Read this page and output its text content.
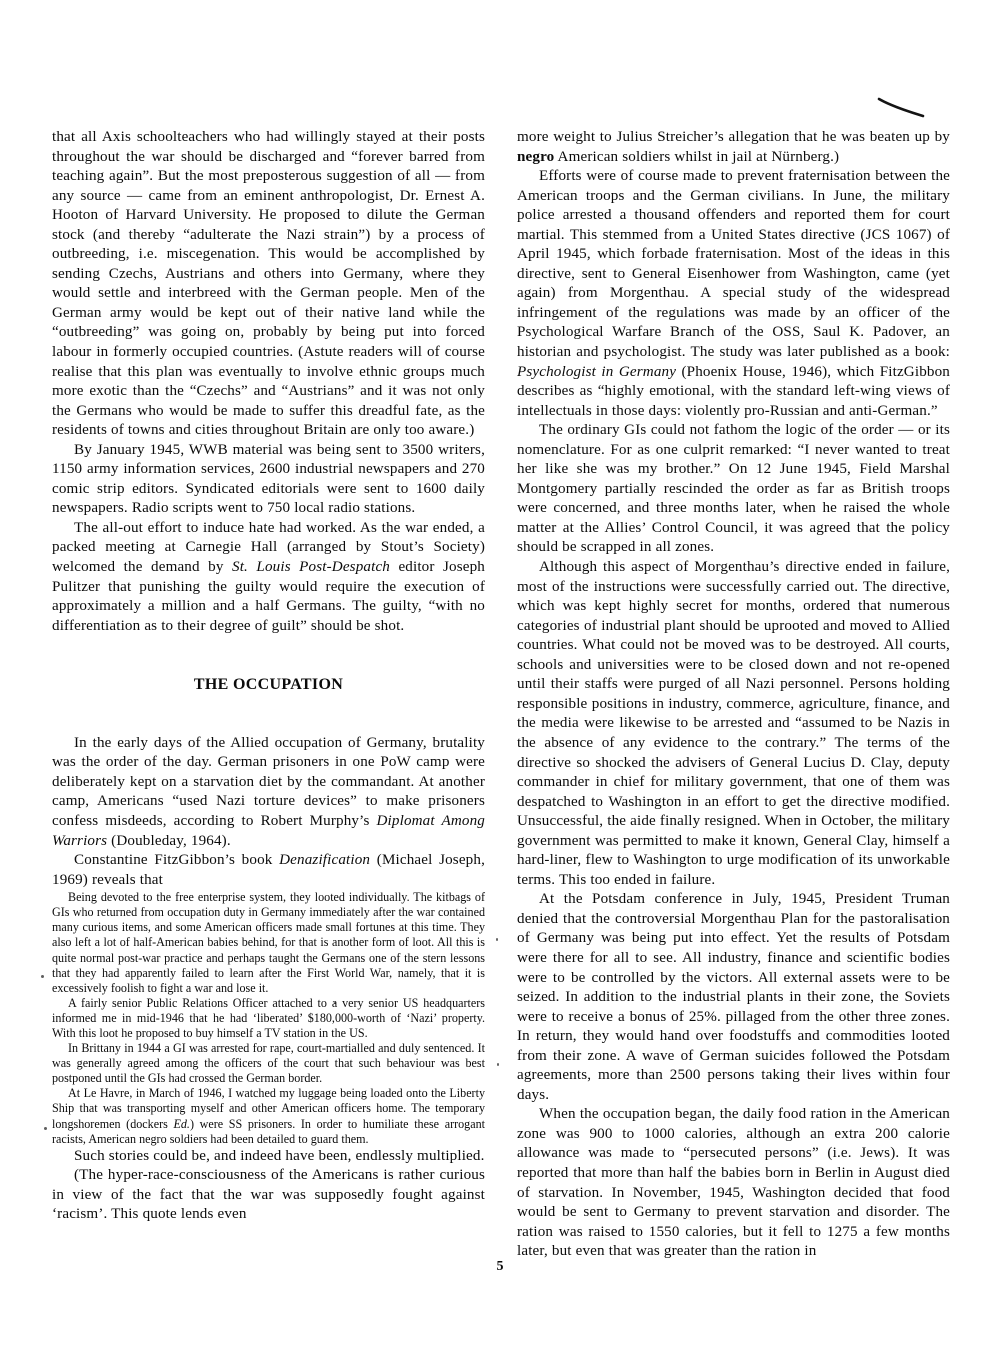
that all Axis schoolteachers who had willingly stayed at their posts throughout the war should be discharged and “forever barred from teaching again”. But the most preposterous suggestion of all — from any source — came from an eminent anthropologist, Dr. Ernest A. Hooton of Harvard University. He proposed to dilute the German stock (and thereby “adulterate the Nazi strain”) by a process of outbreeding, i.e. miscegenation. This would be accomplished by sending Czechs, Austrians and others into Germany, where they would settle and interbreed with the German people. Men of the German army would be kept out of their native land while the “outbreeding” was going on, probably by being put into forced labour in formerly occupied countries. (Astute readers will of course realise that this plan was eventually to involve ethnic groups much more exotic than the “Czechs” and “Austrians” and it was not only the Germans who would be made to suffer this dreadful fate, as the residents of towns and cities throughout Britain are only too aware.)

By January 1945, WWB material was being sent to 3500 writers, 1150 army information services, 2600 industrial newspapers and 270 comic strip editors. Syndicated editorials were sent to 1600 daily newspapers. Radio scripts went to 750 local radio stations.

The all-out effort to induce hate had worked. As the war ended, a packed meeting at Carnegie Hall (arranged by Stout’s Society) welcomed the demand by St. Louis Post-Despatch editor Joseph Pulitzer that punishing the guilty would require the execution of approximately a million and a half Germans. The guilty, “with no differentiation as to their degree of guilt” should be shot.

THE OCCUPATION

In the early days of the Allied occupation of Germany, brutality was the order of the day. German prisoners in one PoW camp were deliberately kept on a starvation diet by the commandant. At another camp, Americans “used Nazi torture devices” to make prisoners confess misdeeds, according to Robert Murphy’s Diplomat Among Warriors (Doubleday, 1964).

Constantine FitzGibbon’s book Denazification (Michael Joseph, 1969) reveals that

Being devoted to the free enterprise system, they looted individually. The kitbags of GIs who returned from occupation duty in Germany immediately after the war contained many curious items, and some American officers made small fortunes at this time. They also left a lot of half-American babies behind, for that is another form of loot. All this is quite normal post-war practice and perhaps taught the Germans one of the stern lessons that they had apparently failed to learn after the First World War, namely, that it is excessively foolish to fight a war and lose it.

A fairly senior Public Relations Officer attached to a very senior US headquarters informed me in mid-1946 that he had ‘liberated’ $180,000-worth of ‘Nazi’ property. With this loot he proposed to buy himself a TV station in the US.

In Brittany in 1944 a GI was arrested for rape, court-martialled and duly sentenced. It was generally agreed among the officers of the court that such behaviour was best postponed until the GIs had crossed the German border.

At Le Havre, in March of 1946, I watched my luggage being loaded onto the Liberty Ship that was transporting myself and other American officers home. The temporary longshoremen (dockers Ed.) were SS prisoners. In order to humiliate these arrogant racists, American negro soldiers had been detailed to guard them.

Such stories could be, and indeed have been, endlessly multiplied.

(The hyper-race-consciousness of the Americans is rather curious in view of the fact that the war was supposedly fought against ‘racism’. This quote lends even

more weight to Julius Streicher’s allegation that he was beaten up by negro American soldiers whilst in jail at Nürnberg.)

Efforts were of course made to prevent fraternisation between the American troops and the German civilians. In June, the military police arrested a thousand offenders and reported them for court martial. This stemmed from a United States directive (JCS 1067) of April 1945, which forbade fraternisation. Most of the ideas in this directive, sent to General Eisenhower from Washington, came (yet again) from Morgenthau. A special study of the widespread infringement of the regulations was made by an officer of the Psychological Warfare Branch of the OSS, Saul K. Padover, an historian and psychologist. The study was later published as a book: Psychologist in Germany (Phoenix House, 1946), which FitzGibbon describes as “highly emotional, with the standard left-wing views of intellectuals in those days: violently pro-Russian and anti-German.”

The ordinary GIs could not fathom the logic of the order — or its nomenclature. For as one culprit remarked: “I never wanted to treat her like she was my brother.” On 12 June 1945, Field Marshal Montgomery partially rescinded the order as far as British troops were concerned, and three months later, when he raised the whole matter at the Allies’ Control Council, it was agreed that the policy should be scrapped in all zones.

Although this aspect of Morgenthau’s directive ended in failure, most of the instructions were successfully carried out. The directive, which was kept highly secret for months, ordered that numerous categories of industrial plant should be uprooted and moved to Allied countries. What could not be moved was to be destroyed. All courts, schools and universities were to be closed down and not re-opened until their staffs were purged of all Nazi personnel. Persons holding responsible positions in industry, commerce, agriculture, finance, and the media were likewise to be arrested and “assumed to be Nazis in the absence of any evidence to the contrary.” The terms of the directive so shocked the advisers of General Lucius D. Clay, deputy commander in chief for military government, that one of them was despatched to Washington in an effort to get the directive modified. Unsuccessful, the aide finally resigned. When in October, the military government was permitted to make it known, General Clay, himself a hard-liner, flew to Washington to urge modification of its unworkable terms. This too ended in failure.

At the Potsdam conference in July, 1945, President Truman denied that the controversial Morgenthau Plan for the pastoralisation of Germany was being put into effect. Yet the results of Potsdam were there for all to see. All industry, finance and scientific bodies were to be controlled by the victors. All external assets were to be seized. In addition to the industrial plants in their zone, the Soviets were to receive a bonus of 25%. pillaged from the other three zones. In return, they would hand over foodstuffs and commodities looted from their zone. A wave of German suicides followed the Potsdam agreements, more than 2500 persons taking their lives within four days.

When the occupation began, the daily food ration in the American zone was 900 to 1000 calories, although an extra 200 calorie allowance was made to “persecuted persons” (i.e. Jews). It was reported that more than half the babies born in Berlin in August died of starvation. In November, 1945, Washington decided that food would be sent to Germany to prevent starvation and disorder. The ration was raised to 1550 calories, but it fell to 1275 a few months later, but even that was greater than the ration in

5
